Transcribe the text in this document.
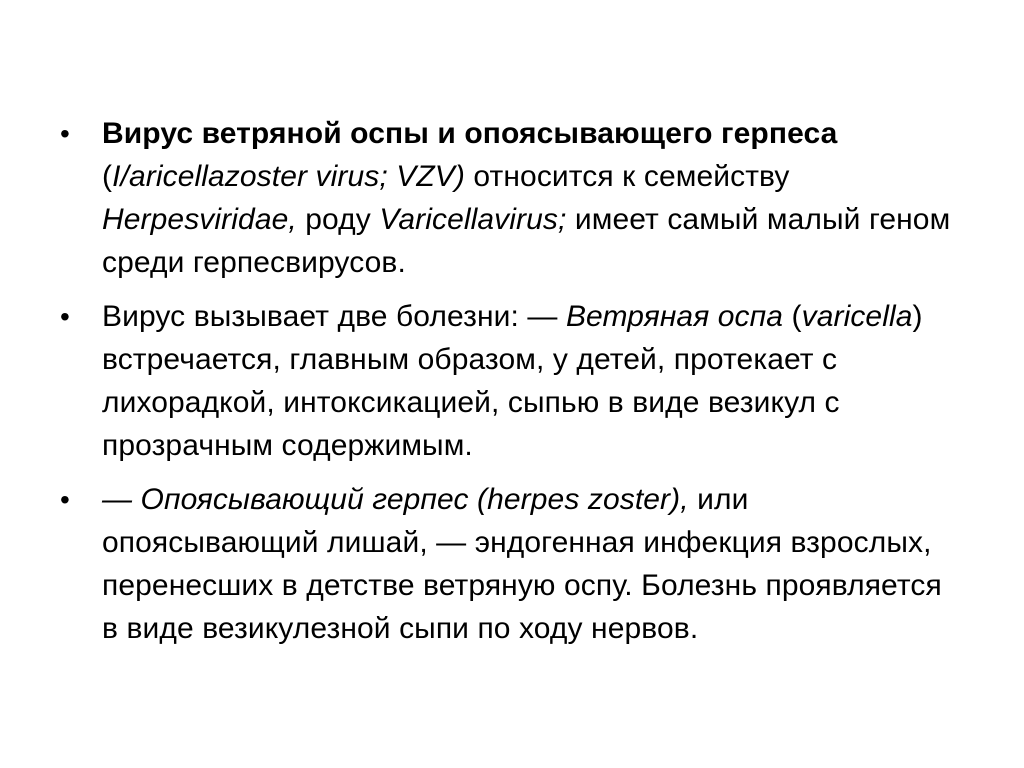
• Вирус ветряной оспы и опоясывающего герпеса (I/aricellazoster virus; VZV) относится к семейству Herpesviridae, роду Varicellavirus; имеет самый малый геном среди герпесвирусов.
• Вирус вызывает две болезни: — Ветряная оспа (varicella) встречается, главным образом, у детей, протекает с лихорадкой, интоксикацией, сыпью в виде везикул с прозрачным содержимым.
• — Опоясывающий герпес (herpes zoster), или опоясывающий лишай, — эндогенная инфекция взрослых, перенесших в детстве ветряную оспу. Болезнь проявляется в виде везикулезной сыпи по ходу нервов.
